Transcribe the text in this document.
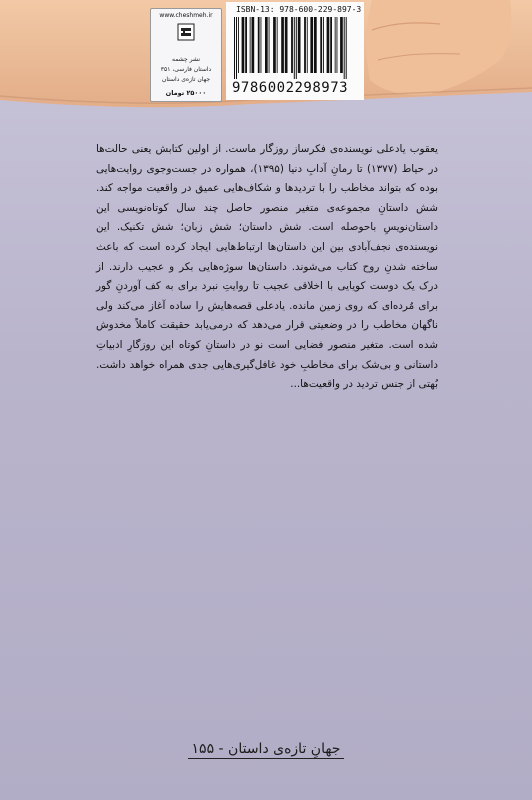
www.cheshmeh.ir
نشر چشمه
داستان فارسی، ۳۵۱
جهان تازه‌ی داستان
۲۵۰۰۰ تومان
ISBN-13: 978-600-229-897-3
9786002298973

یعقوب یادعلی نویسنده‌ی فکرساز روزگار ماست. از اولین کتابش یعنی حالت‌ها در حیاط (۱۳۷۷) تا رمانِ آدابِ دنیا (۱۳۹۵)، همواره در جست‌وجوی روایت‌هایی بوده که بتواند مخاطب را با تردیدها و شکاف‌هایی عمیق در واقعیت مواجه کند. شش داستانِ مجموعه‌ی متغیر منصور حاصل چند سال کوتاه‌نویسی این داستان‌نویسِ باحوصله است. شش داستان؛ شش زبان؛ شش تکنیک. این نویسنده‌ی نجف‌آبادی بین این داستان‌ها ارتباط‌هایی ایجاد کرده است که باعث ساخته شدنِ روح کتاب می‌شوند. داستان‌ها سوژه‌هایی بکر و عجیب دارند. از درک یک دوست کویایی با اخلاقی عجیب تا روایتِ نبرد برای به کف آوردنِ گور برای مُرده‌ای که روی زمین مانده. یادعلی قصه‌هایش را ساده آغاز می‌کند ولی ناگهان مخاطب را در وضعیتی قرار می‌دهد که درمی‌یابد حقیقت کاملاً مخدوش شده است. متغیر منصور فضایی است نو در داستانِ کوتاه این روزگارِ ادبیاتِ داستانی و بی‌شک برای مخاطبِ خود غافل‌گیری‌هایی جدی همراه خواهد داشت. بُهتی از جنس تردید در واقعیت‌ها...

جهانِ تازه‌ی داستان - ۱۵۵
